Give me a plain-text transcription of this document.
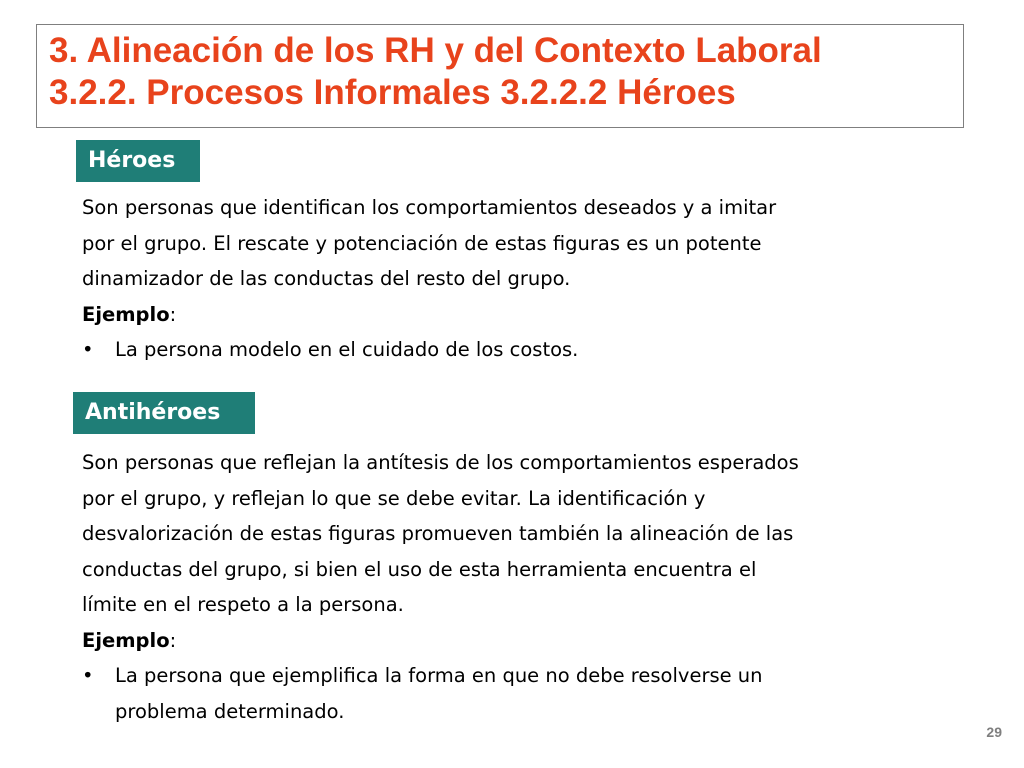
3. Alineación de los RH y del Contexto Laboral
3.2.2. Procesos Informales 3.2.2.2 Héroes
Héroes
Son personas que identifican los comportamientos deseados y a imitar
por el grupo. El rescate y potenciación de estas figuras es un potente
dinamizador de las conductas del resto del grupo.
Ejemplo:
• La persona modelo en el cuidado de los costos.
Antihéroes
Son personas que reflejan la antítesis de los comportamientos esperados
por el grupo, y reflejan lo que se debe evitar. La identificación y
desvalorización de estas figuras promueven también la alineación de las
conductas del grupo, si bien el uso de esta herramienta encuentra el
límite en el respeto a la persona.
Ejemplo:
• La persona que ejemplifica la forma en que no debe resolverse un
problema determinado.
29
